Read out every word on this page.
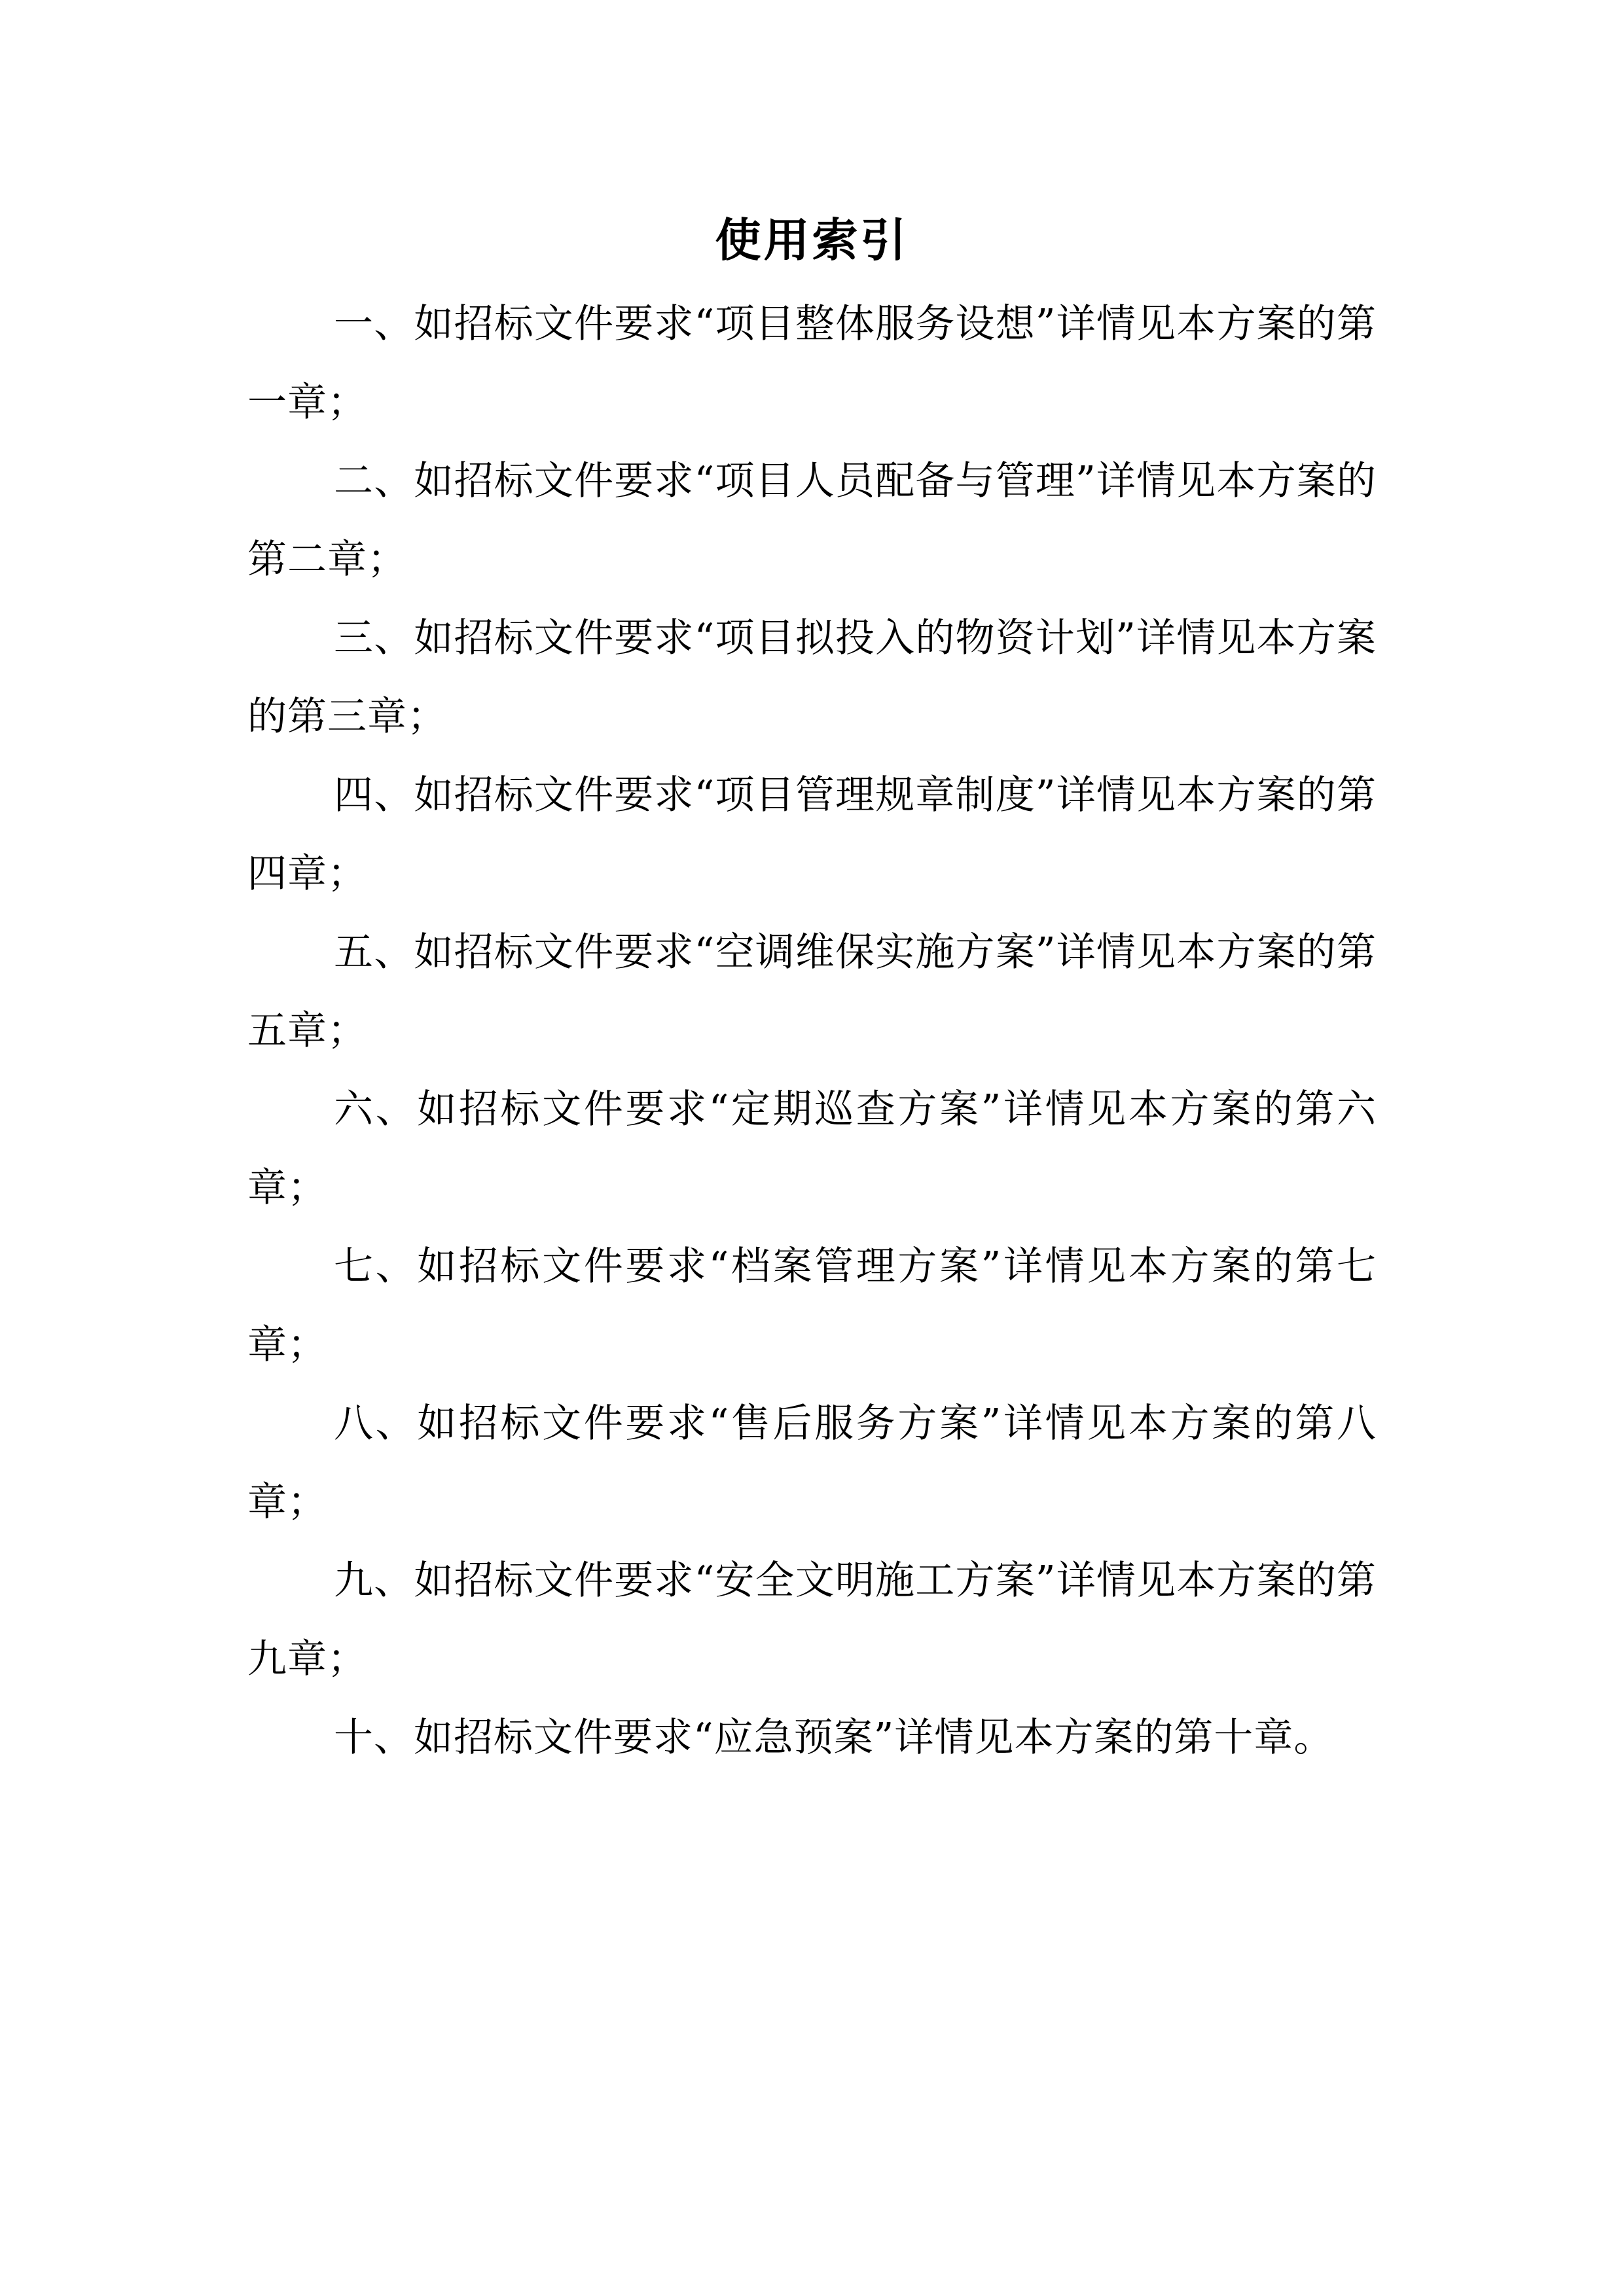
使用索引

一、如招标文件要求“项目整体服务设想”详情见本方案的第一章；

二、如招标文件要求“项目人员配备与管理”详情见本方案的第二章；

三、如招标文件要求“项目拟投入的物资计划”详情见本方案的第三章；

四、如招标文件要求“项目管理规章制度”详情见本方案的第四章；

五、如招标文件要求“空调维保实施方案”详情见本方案的第五章；

六、如招标文件要求“定期巡查方案”详情见本方案的第六章；

七、如招标文件要求“档案管理方案”详情见本方案的第七章；

八、如招标文件要求“售后服务方案”详情见本方案的第八章；

九、如招标文件要求“安全文明施工方案”详情见本方案的第九章；

十、如招标文件要求“应急预案”详情见本方案的第十章。
